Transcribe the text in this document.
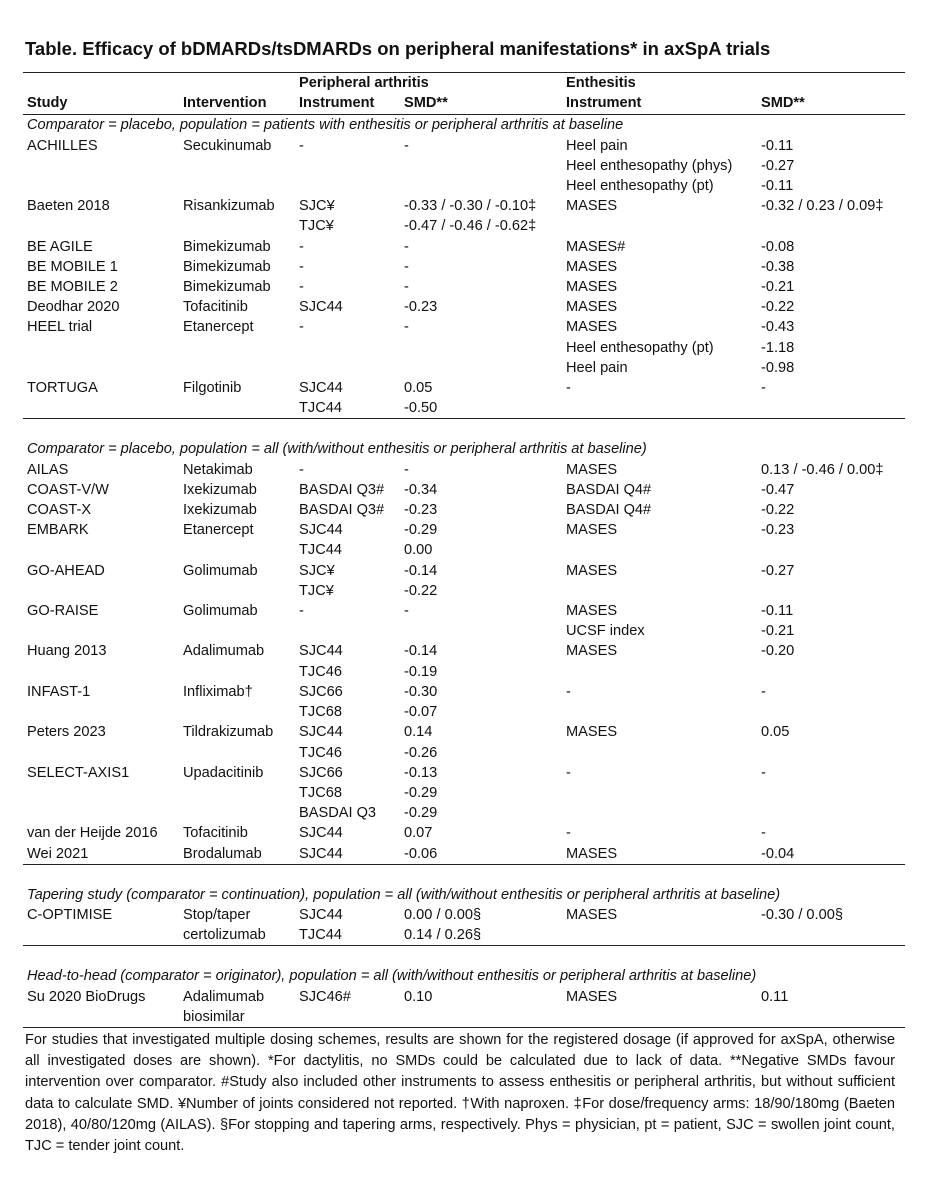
Table. Efficacy of bDMARDs/tsDMARDs on peripheral manifestations* in axSpA trials
		Peripheral arthritis		Enthesitis	
Study	Intervention	Instrument	SMD**	Instrument	SMD**
Comparator = placebo, population = patients with enthesitis or peripheral arthritis at baseline					
ACHILLES	Secukinumab	-	-	Heel pain	-0.11
				Heel enthesopathy (phys)	-0.27
				Heel enthesopathy (pt)	-0.11
Baeten 2018	Risankizumab	SJC¥	-0.33 / -0.30 / -0.10‡	MASES	-0.32 / 0.23 / 0.09‡
		TJC¥	-0.47 / -0.46 / -0.62‡		
BE AGILE	Bimekizumab	-	-	MASES#	-0.08
BE MOBILE 1	Bimekizumab	-	-	MASES	-0.38
BE MOBILE 2	Bimekizumab	-	-	MASES	-0.21
Deodhar 2020	Tofacitinib	SJC44	-0.23	MASES	-0.22
HEEL trial	Etanercept	-	-	MASES	-0.43
				Heel enthesopathy (pt)	-1.18
				Heel pain	-0.98
TORTUGA	Filgotinib	SJC44	0.05	-	-
		TJC44	-0.50		

Comparator = placebo, population = all (with/without enthesitis or peripheral arthritis at baseline)					
AILAS	Netakimab	-	-	MASES	0.13 / -0.46 / 0.00‡
COAST-V/W	Ixekizumab	BASDAI Q3#	-0.34	BASDAI Q4#	-0.47
COAST-X	Ixekizumab	BASDAI Q3#	-0.23	BASDAI Q4#	-0.22
EMBARK	Etanercept	SJC44	-0.29	MASES	-0.23
		TJC44	0.00		
GO-AHEAD	Golimumab	SJC¥	-0.14	MASES	-0.27
		TJC¥	-0.22		
GO-RAISE	Golimumab	-	-	MASES	-0.11
				UCSF index	-0.21
Huang 2013	Adalimumab	SJC44	-0.14	MASES	-0.20
		TJC46	-0.19		
INFAST-1	Infliximab†	SJC66	-0.30	-	-
		TJC68	-0.07		
Peters 2023	Tildrakizumab	SJC44	0.14	MASES	0.05
		TJC46	-0.26		
SELECT-AXIS1	Upadacitinib	SJC66	-0.13	-	-
		TJC68	-0.29		
		BASDAI Q3	-0.29		
van der Heijde 2016	Tofacitinib	SJC44	0.07	-	-
Wei 2021	Brodalumab	SJC44	-0.06	MASES	-0.04

Tapering study (comparator = continuation), population = all (with/without enthesitis or peripheral arthritis at baseline)					
C-OPTIMISE	Stop/taper	SJC44	0.00 / 0.00§	MASES	-0.30 / 0.00§
	certolizumab	TJC44	0.14 / 0.26§		

Head-to-head (comparator = originator), population = all (with/without enthesitis or peripheral arthritis at baseline)					
Su 2020 BioDrugs	Adalimumab	SJC46#	0.10	MASES	0.11
	biosimilar				
For studies that investigated multiple dosing schemes, results are shown for the registered dosage (if approved for axSpA, otherwise all investigated doses are shown). *For dactylitis, no SMDs could be calculated due to lack of data. **Negative SMDs favour intervention over comparator. #Study also included other instruments to assess enthesitis or peripheral arthritis, but without sufficient data to calculate SMD. ¥Number of joints considered not reported. †With naproxen. ‡For dose/frequency arms: 18/90/180mg (Baeten 2018), 40/80/120mg (AILAS). §For stopping and tapering arms, respectively. Phys = physician, pt = patient, SJC = swollen joint count, TJC = tender joint count.
